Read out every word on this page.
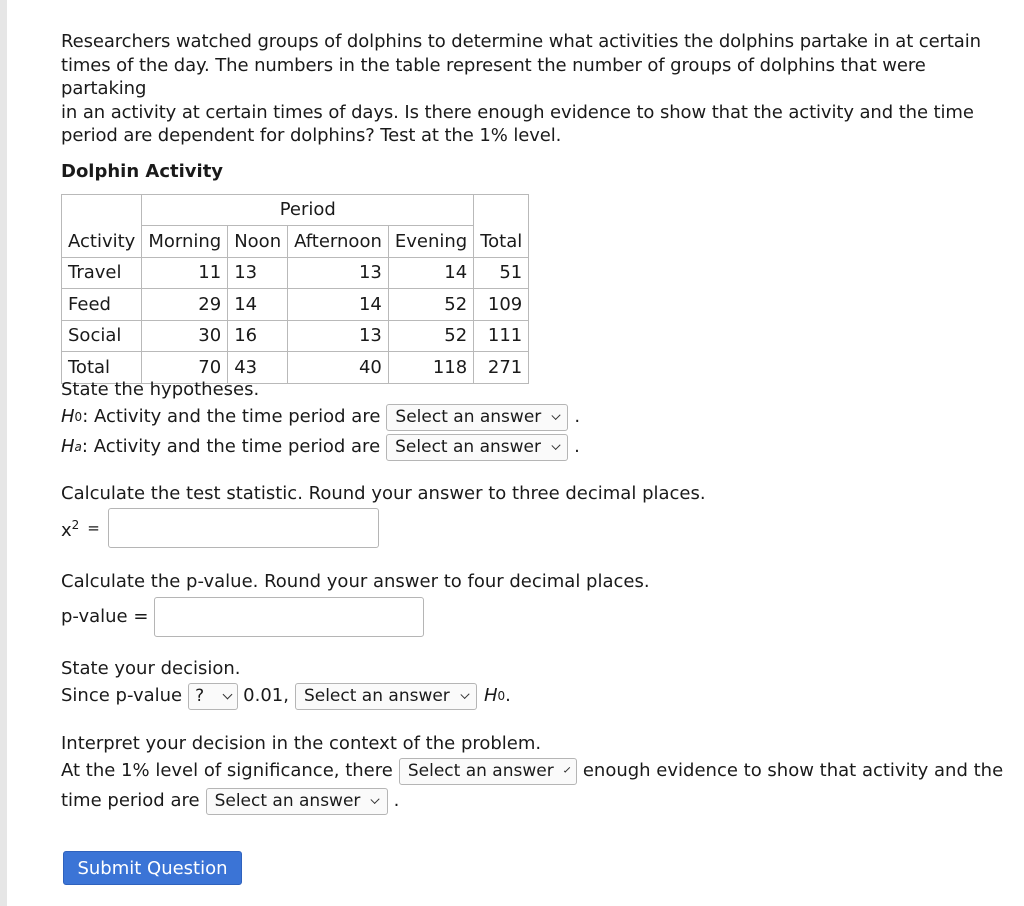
Researchers watched groups of dolphins to determine what activities the dolphins partake in at certain
times of the day. The numbers in the table represent the number of groups of dolphins that were partaking
in an activity at certain times of days. Is there enough evidence to show that the activity and the time
period are dependent for dolphins? Test at the 1% level.

Dolphin Activity
	Period				
Activity	Morning	Noon	Afternoon	Evening	Total
Travel	11	13	13	14	51
Feed	29	14	14	52	109
Social	30	16	13	52	111
Total	70	43	40	118	271
State the hypotheses.
H 0 : Activity and the time period are Select an answer .
H a : Activity and the time period are Select an answer .
Calculate the test statistic. Round your answer to three decimal places.
$x^2$ =
Calculate the p-value. Round your answer to four decimal places.
p-value =
State your decision.
Since p-value ? 0.01, Select an answer H 0 .
Interpret your decision in the context of the problem.
At the 1% level of significance, there Select an answer enough evidence to show that activity and the
time period are Select an answer .
Submit Question
